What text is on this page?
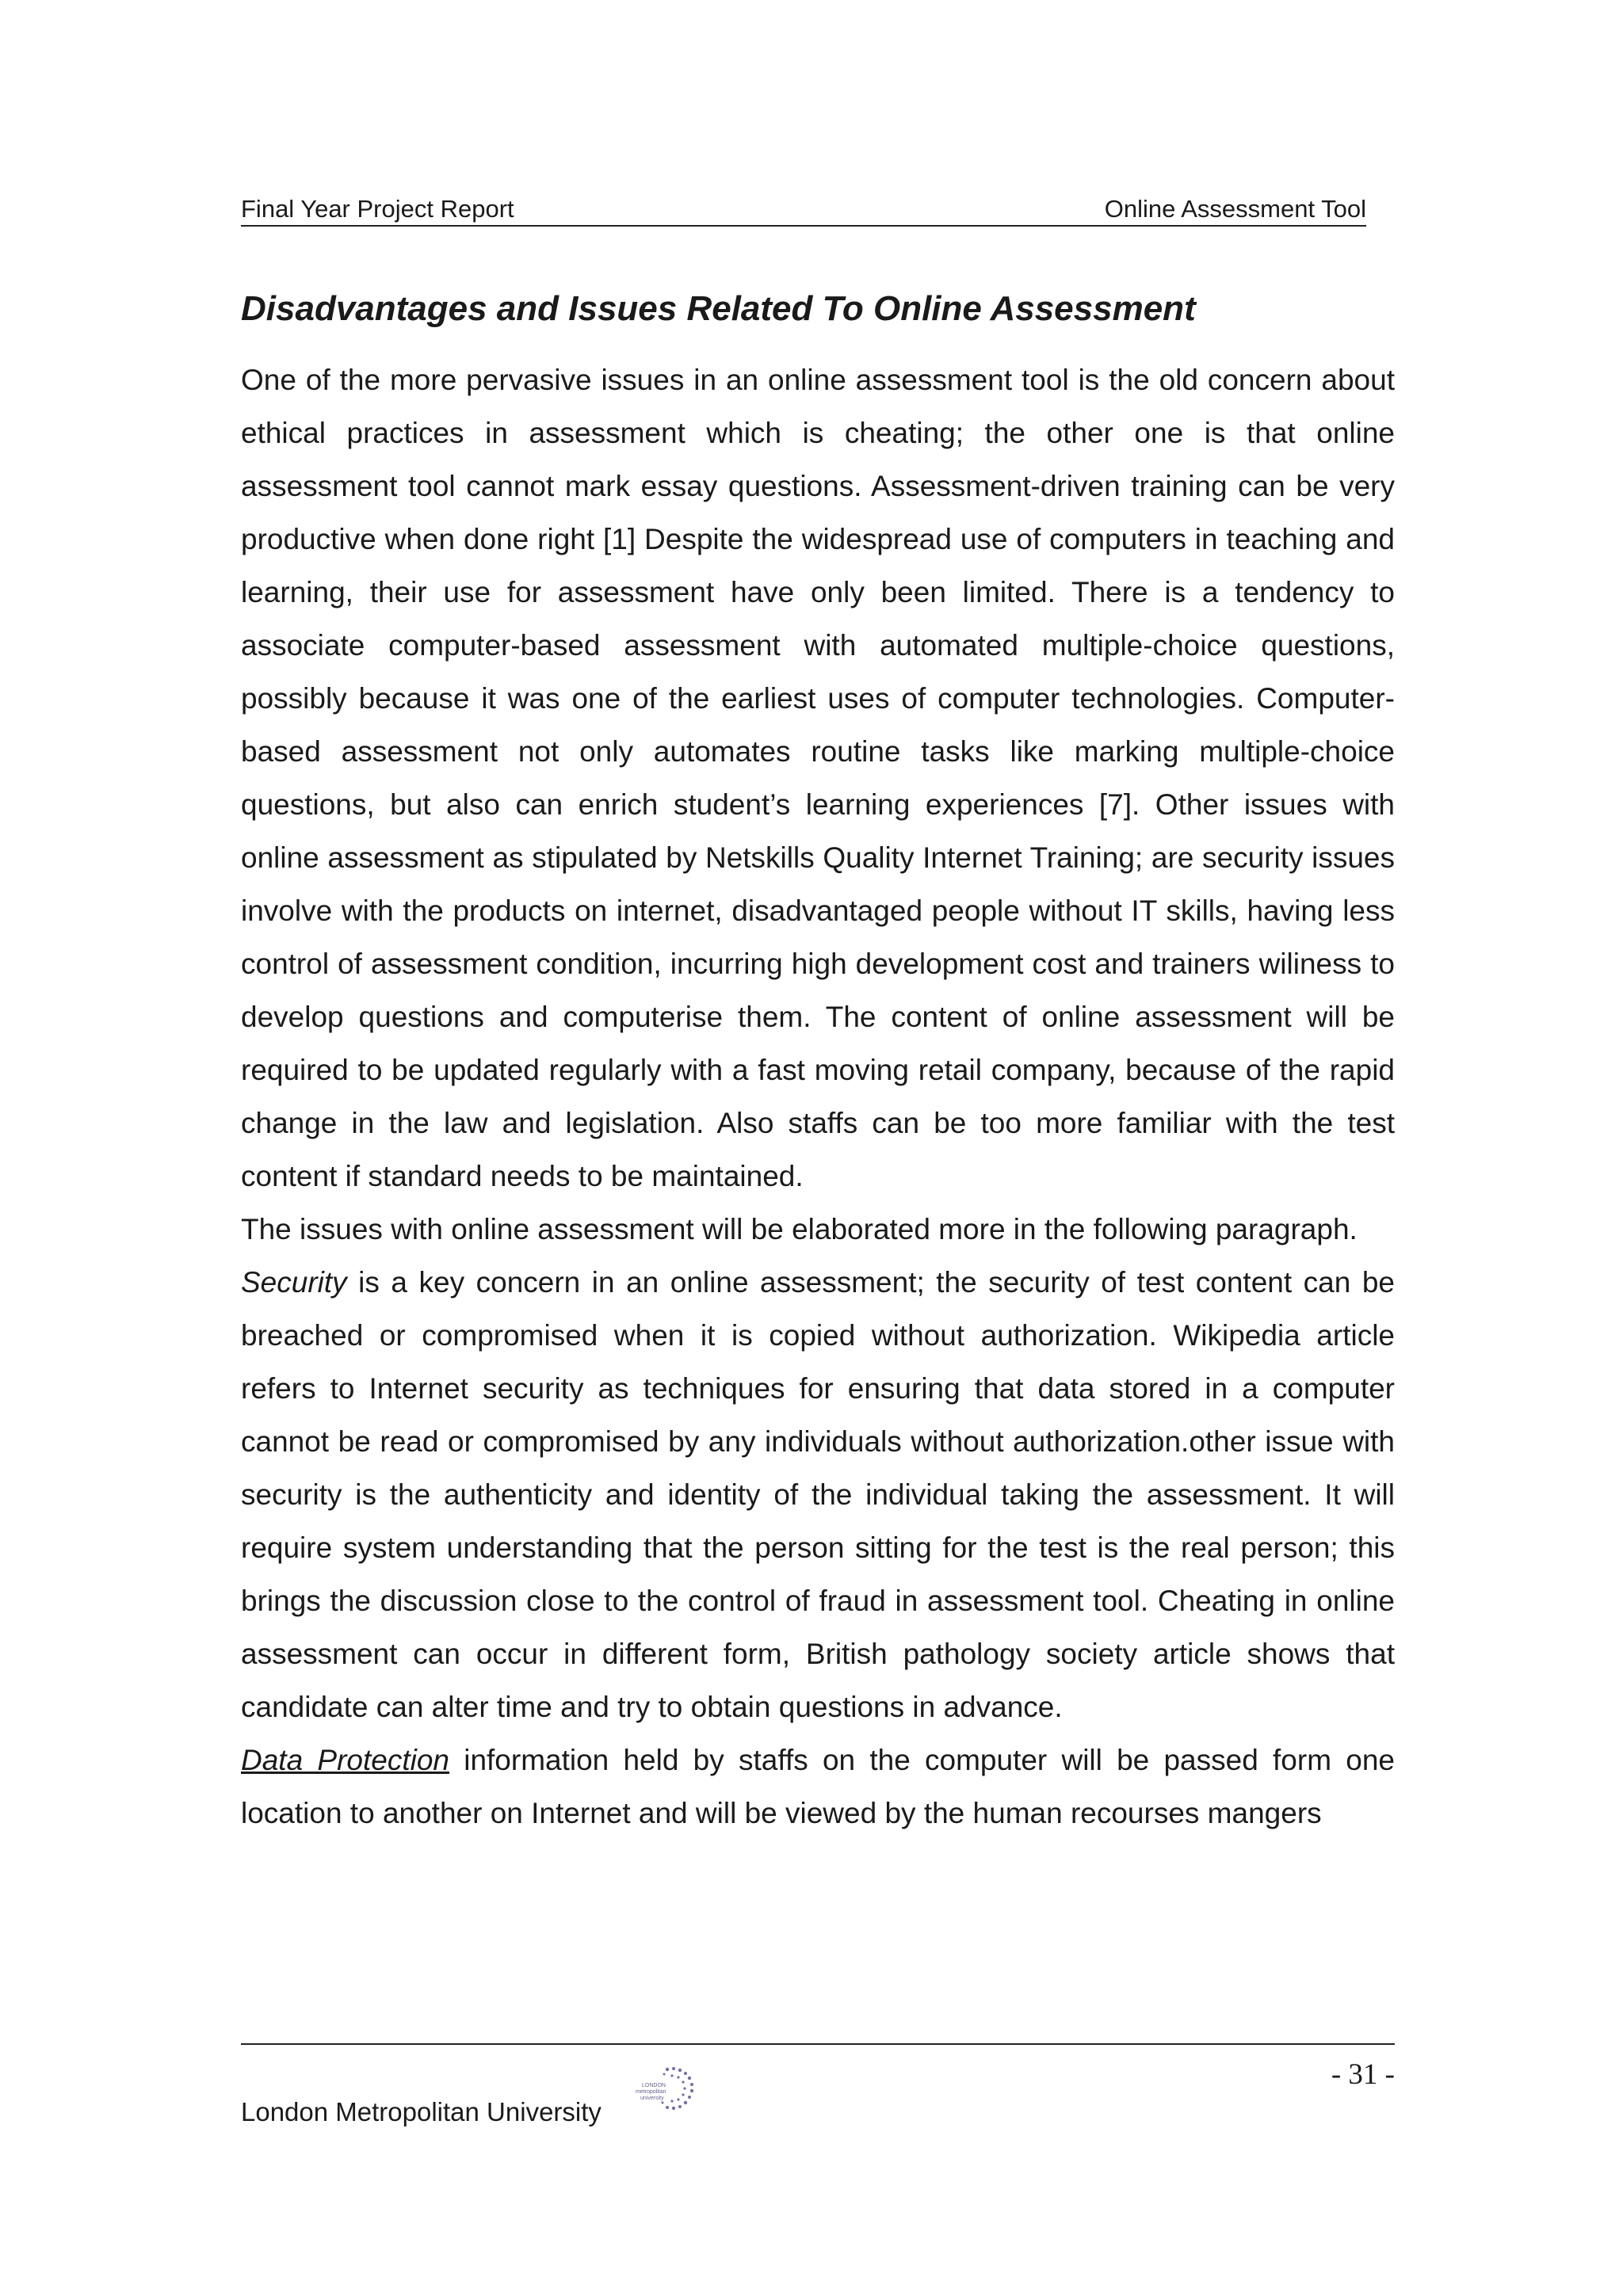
Final Year Project Report	Online Assessment Tool
Disadvantages and Issues Related To Online Assessment

One of the more pervasive issues in an online assessment tool is the old concern about ethical practices in assessment which is cheating; the other one is that online assessment tool cannot mark essay questions. Assessment-driven training can be very productive when done right [1] Despite the widespread use of computers in teaching and learning, their use for assessment have only been limited. There is a tendency to associate computer-based assessment with automated multiple-choice questions, possibly because it was one of the earliest uses of computer technologies. Computer-based assessment not only automates routine tasks like marking multiple-choice questions, but also can enrich student’s learning experiences [7]. Other issues with online assessment as stipulated by Netskills Quality Internet Training; are security issues involve with the products on internet, disadvantaged people without IT skills, having less control of assessment condition, incurring high development cost and trainers wiliness to develop questions and computerise them. The content of online assessment will be required to be updated regularly with a fast moving retail company, because of the rapid change in the law and legislation. Also staffs can be too more familiar with the test content if standard needs to be maintained.

The issues with online assessment will be elaborated more in the following paragraph.

Security is a key concern in an online assessment; the security of test content can be breached or compromised when it is copied without authorization. Wikipedia article refers to Internet security as techniques for ensuring that data stored in a computer cannot be read or compromised by any individuals without authorization.other issue with security is the authenticity and identity of the individual taking the assessment. It will require system understanding that the person sitting for the test is the real person; this brings the discussion close to the control of fraud in assessment tool. Cheating in online assessment can occur in different form, British pathology society article shows that candidate can alter time and try to obtain questions in advance.

Data Protection information held by staffs on the computer will be passed form one location to another on Internet and will be viewed by the human recourses mangers

- 31 -
London Metropolitan University
LONDON
metropolitan
university
